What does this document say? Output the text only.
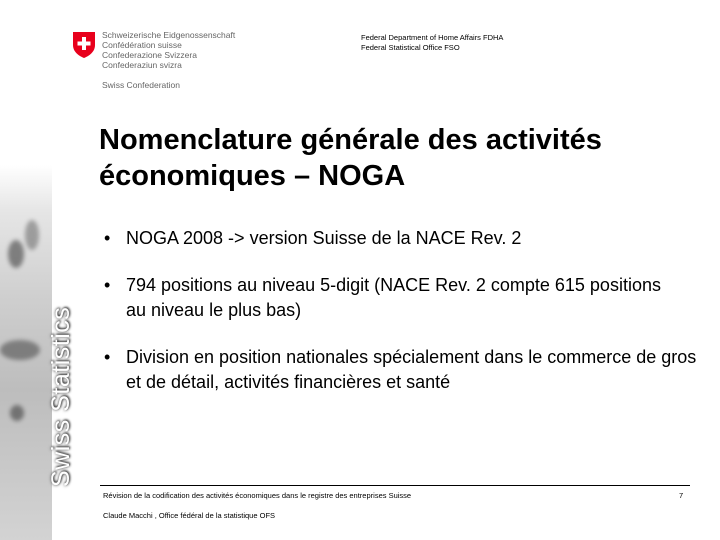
Swiss Statistics
Schweizerische Eidgenossenschaft
Confédération suisse
Confederazione Svizzera
Confederaziun svizra
Swiss Confederation
Federal Department of Home Affairs FDHA
Federal Statistical Office FSO
Nomenclature générale des activités
économiques – NOGA
• NOGA 2008 -> version Suisse de la NACE Rev. 2
• 794 positions au niveau 5-digit (NACE Rev. 2 compte 615 positions au niveau le plus bas)
• Division en position nationales spécialement dans le commerce de gros et de détail, activités financières et santé
Révision de la codification des activités économiques dans le registre des entreprises Suisse
Claude Macchi , Office fédéral de la statistique OFS
7
